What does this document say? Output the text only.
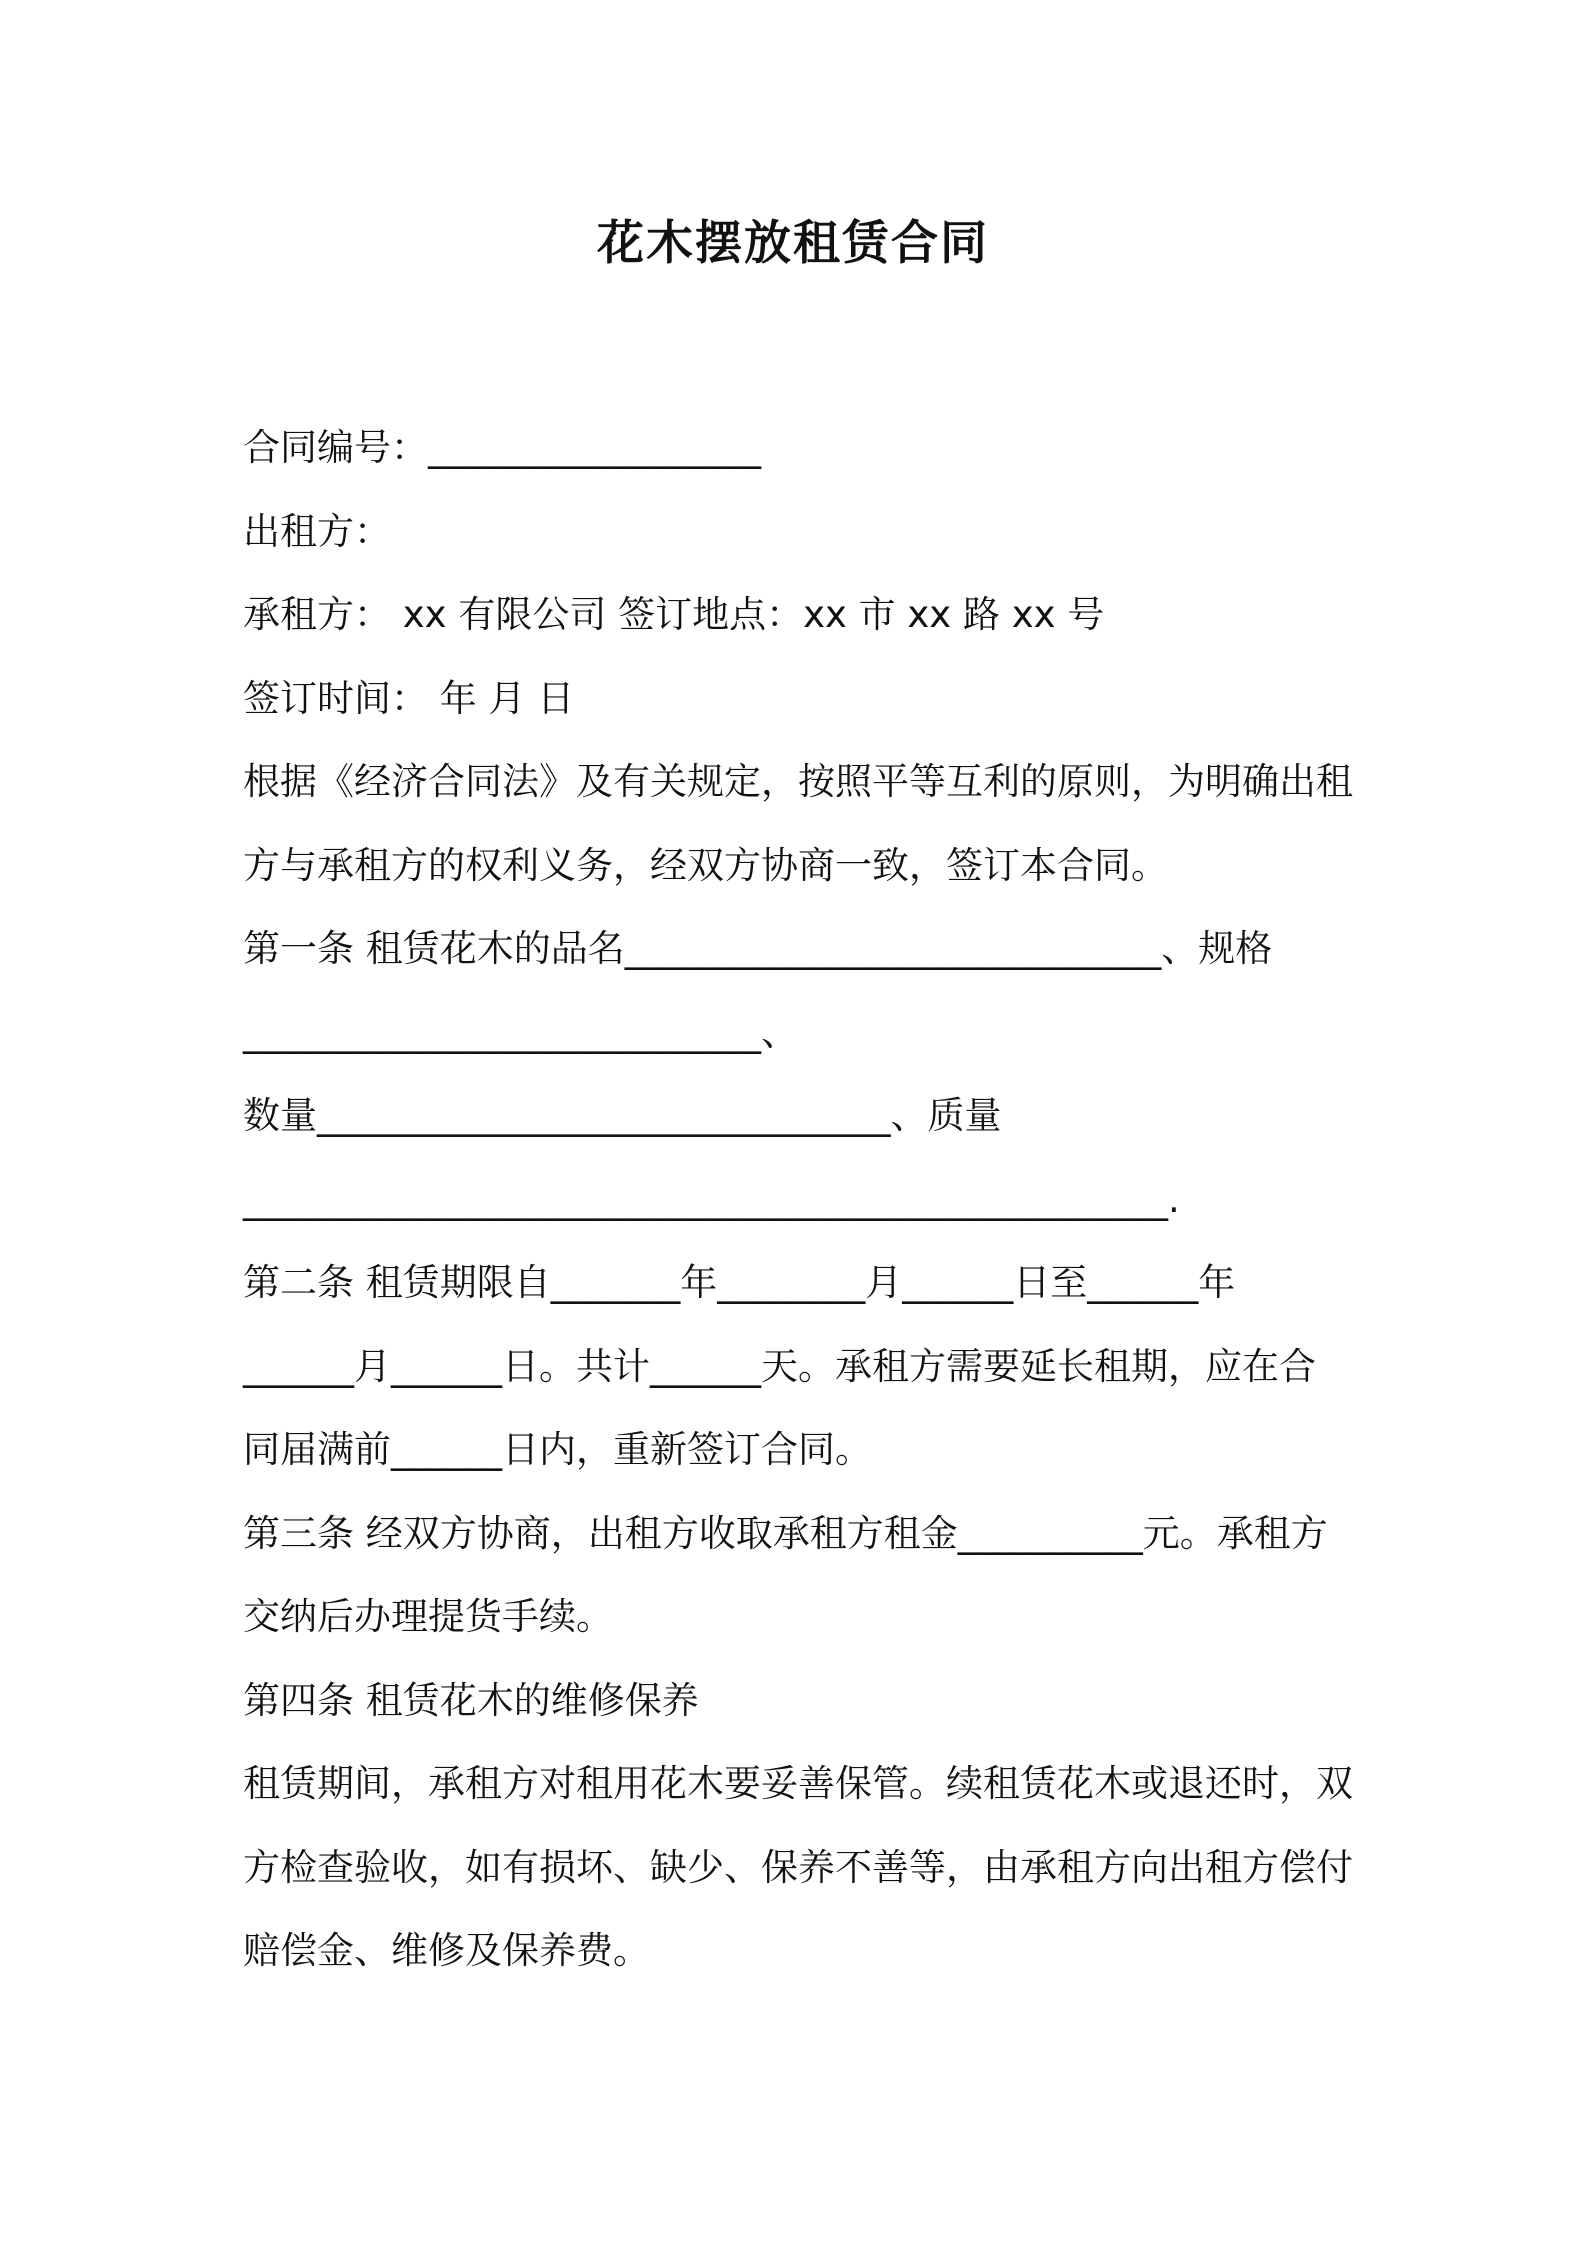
花木摆放租赁合同
合同编号：__________________
出租方：
承租方： xx 有限公司 签订地点：xx 市 xx 路 xx 号
签订时间： 年 月 日
根据《经济合同法》及有关规定，按照平等互利的原则，为明确出租
方与承租方的权利义务，经双方协商一致，签订本合同。
第一条 租赁花木的品名_____________________________、规格
____________________________、
数量_______________________________、质量
__________________________________________________.
第二条 租赁期限自_______年________月______日至______年
______月______日。共计______天。承租方需要延长租期，应在合
同届满前______日内，重新签订合同。
第三条 经双方协商，出租方收取承租方租金__________元。承租方
交纳后办理提货手续。
第四条 租赁花木的维修保养
租赁期间，承租方对租用花木要妥善保管。续租赁花木或退还时，双
方检查验收，如有损坏、缺少、保养不善等，由承租方向出租方偿付
赔偿金、维修及保养费。
